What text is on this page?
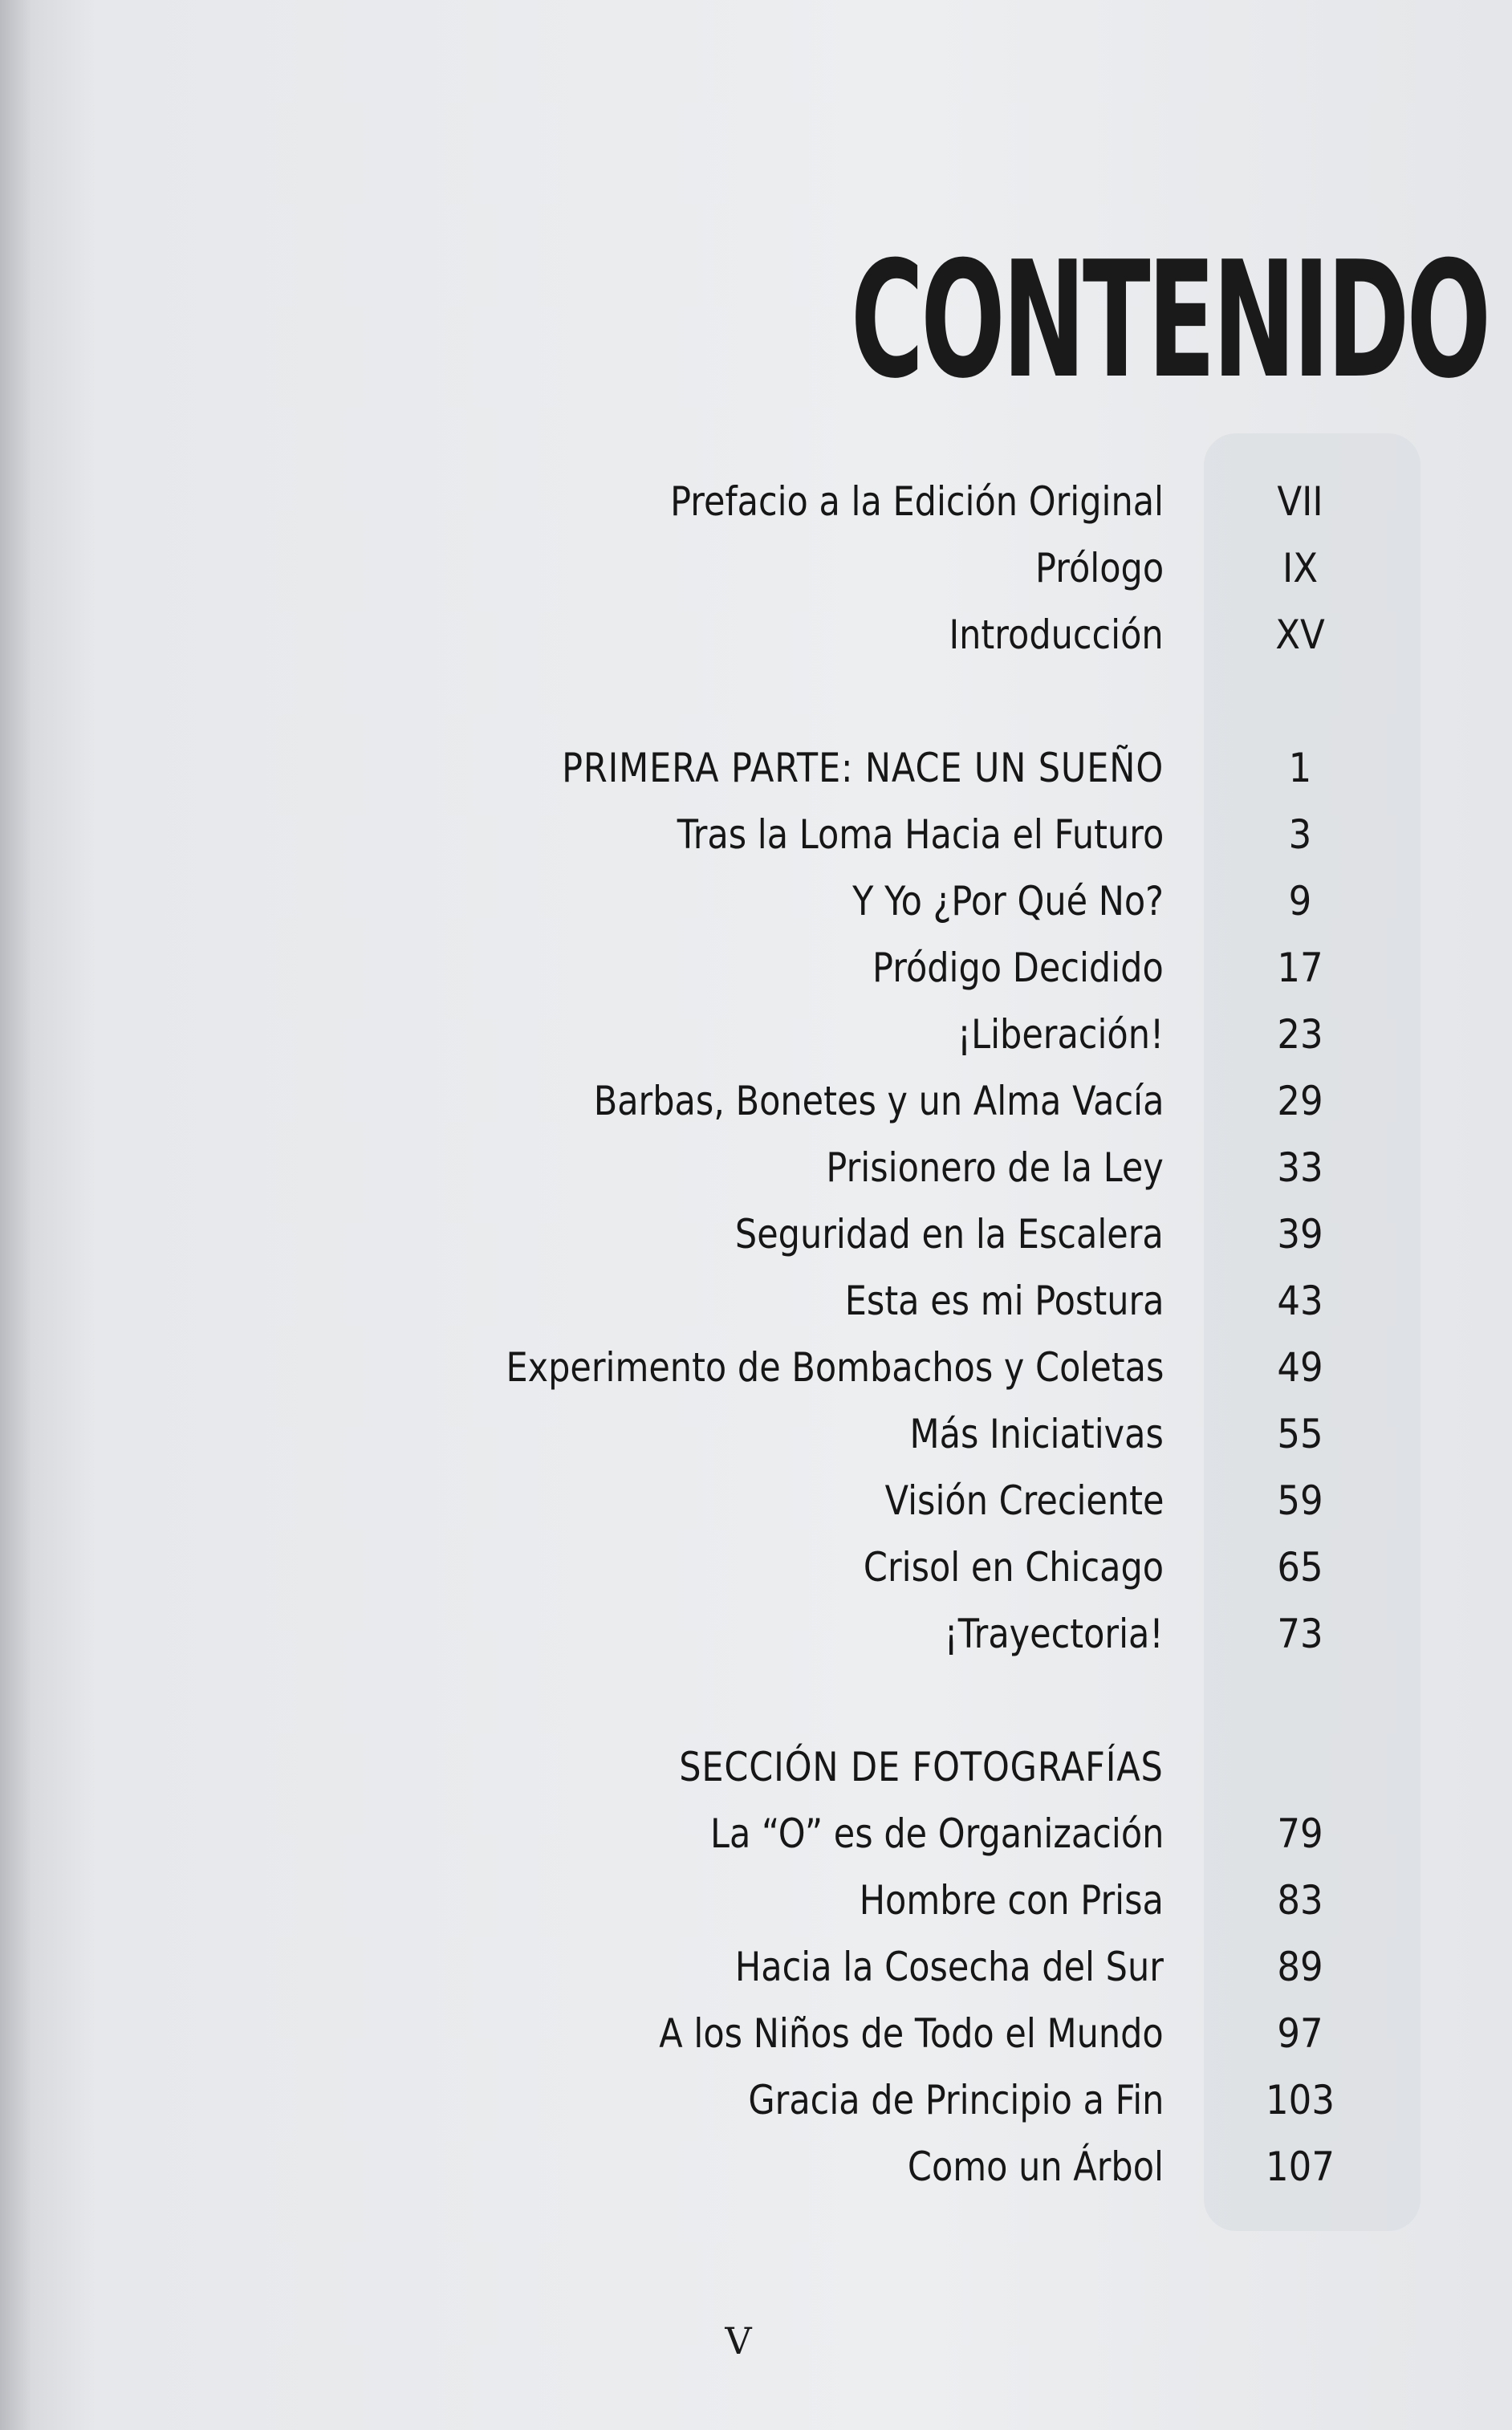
CONTENIDO
Prefacio a la Edición Original	VII
Prólogo	IX
Introducción	XV
PRIMERA PARTE: NACE UN SUEÑO	1
Tras la Loma Hacia el Futuro	3
Y Yo ¿Por Qué No?	9
Pródigo Decidido	17
¡Liberación!	23
Barbas, Bonetes y un Alma Vacía	29
Prisionero de la Ley	33
Seguridad en la Escalera	39
Esta es mi Postura	43
Experimento de Bombachos y Coletas	49
Más Iniciativas	55
Visión Creciente	59
Crisol en Chicago	65
¡Trayectoria!	73
SECCIÓN DE FOTOGRAFÍAS
La “O” es de Organización	79
Hombre con Prisa	83
Hacia la Cosecha del Sur	89
A los Niños de Todo el Mundo	97
Gracia de Principio a Fin	103
Como un Árbol	107
V
